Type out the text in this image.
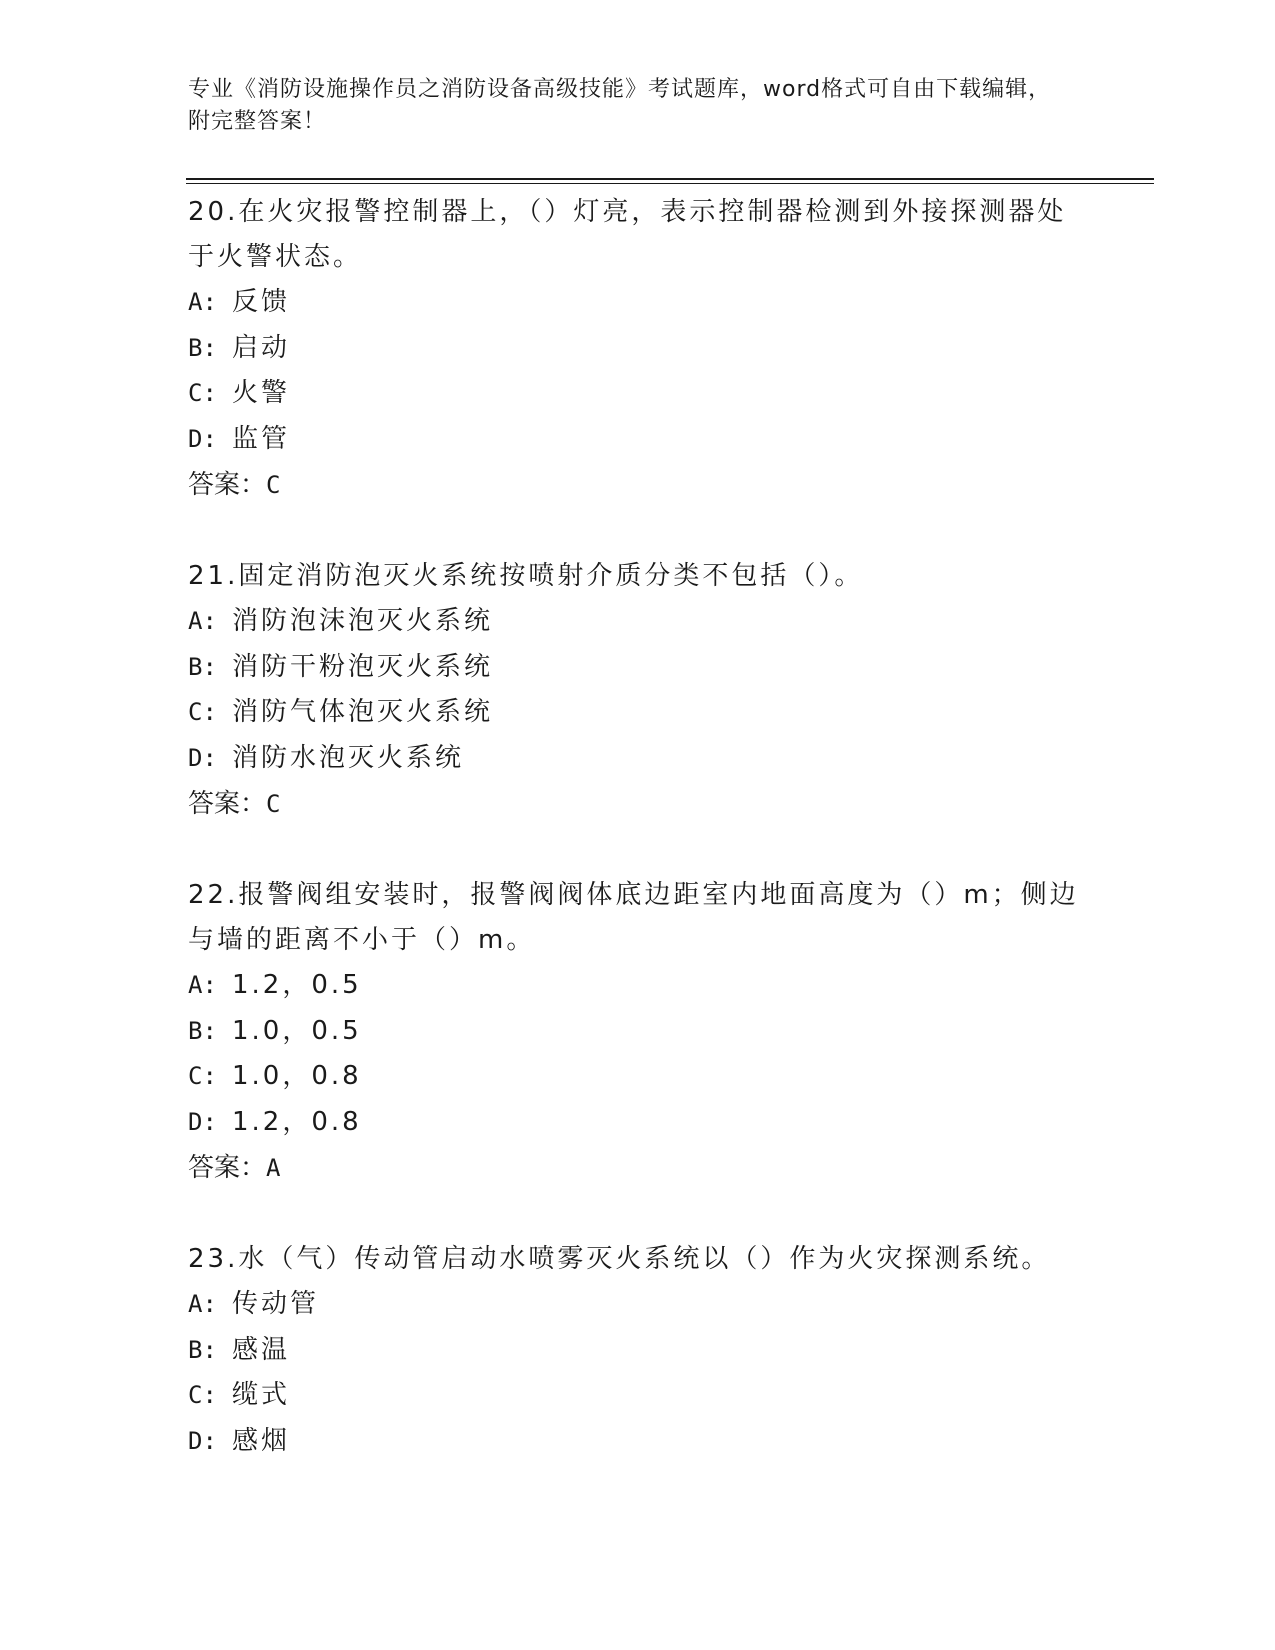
专业《消防设施操作员之消防设备高级技能》考试题库，word格式可自由下载编辑，附完整答案！
20.在火灾报警控制器上，（）灯亮，表示控制器检测到外接探测器处于火警状态。
A: 反馈
B: 启动
C: 火警
D: 监管
答案：C
21.固定消防泡灭火系统按喷射介质分类不包括（）。
A: 消防泡沫泡灭火系统
B: 消防干粉泡灭火系统
C: 消防气体泡灭火系统
D: 消防水泡灭火系统
答案：C
22.报警阀组安装时，报警阀阀体底边距室内地面高度为（）m；侧边与墙的距离不小于（）m。
A: 1.2，0.5
B: 1.0，0.5
C: 1.0，0.8
D: 1.2，0.8
答案：A
23.水（气）传动管启动水喷雾灭火系统以（）作为火灾探测系统。
A: 传动管
B: 感温
C: 缆式
D: 感烟
